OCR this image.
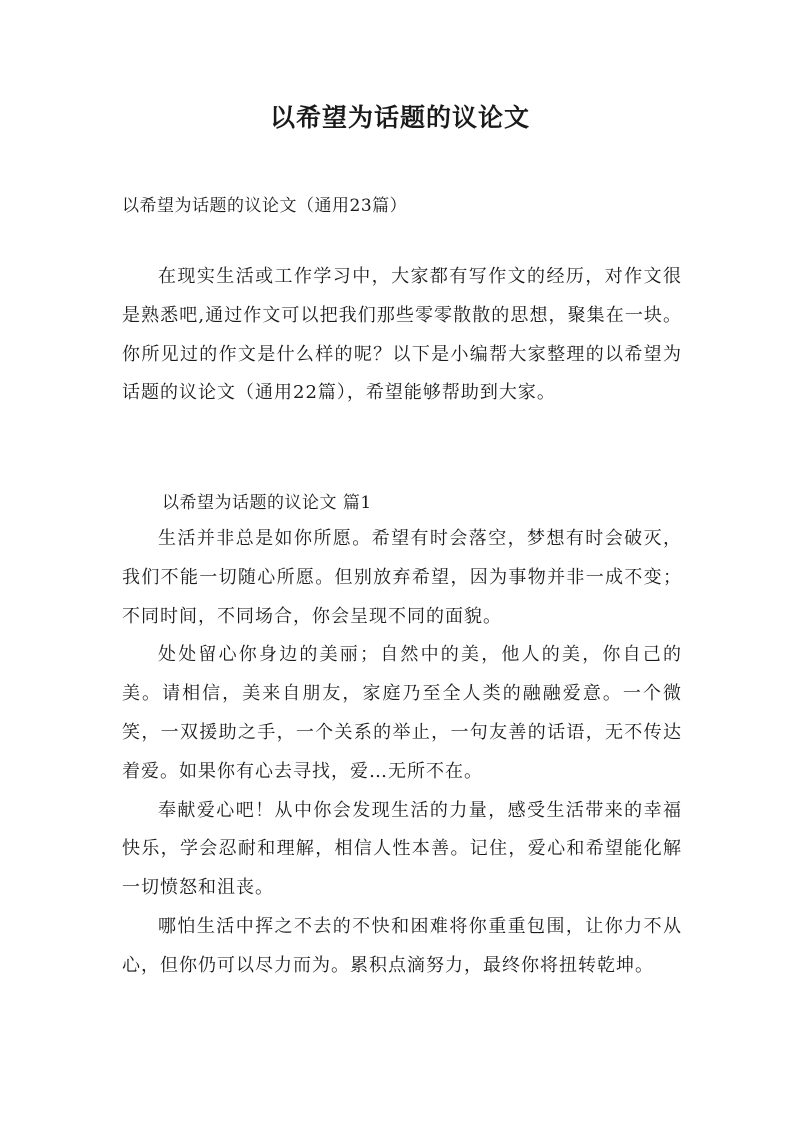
以希望为话题的议论文
以希望为话题的议论文（通用23篇）

在现实生活或工作学习中，大家都有写作文的经历，对作文很是熟悉吧,通过作文可以把我们那些零零散散的思想，聚集在一块。你所见过的作文是什么样的呢？以下是小编帮大家整理的以希望为话题的议论文（通用22篇），希望能够帮助到大家。

以希望为话题的议论文 篇1

生活并非总是如你所愿。希望有时会落空，梦想有时会破灭，我们不能一切随心所愿。但别放弃希望，因为事物并非一成不变；不同时间，不同场合，你会呈现不同的面貌。

处处留心你身边的美丽；自然中的美，他人的美，你自己的美。请相信，美来自朋友，家庭乃至全人类的融融爱意。一个微笑，一双援助之手，一个关系的举止，一句友善的话语，无不传达着爱。如果你有心去寻找，爱…无所不在。

奉献爱心吧！从中你会发现生活的力量，感受生活带来的幸福快乐，学会忍耐和理解，相信人性本善。记住，爱心和希望能化解一切愤怒和沮丧。

哪怕生活中挥之不去的不快和困难将你重重包围，让你力不从心，但你仍可以尽力而为。累积点滴努力，最终你将扭转乾坤。
